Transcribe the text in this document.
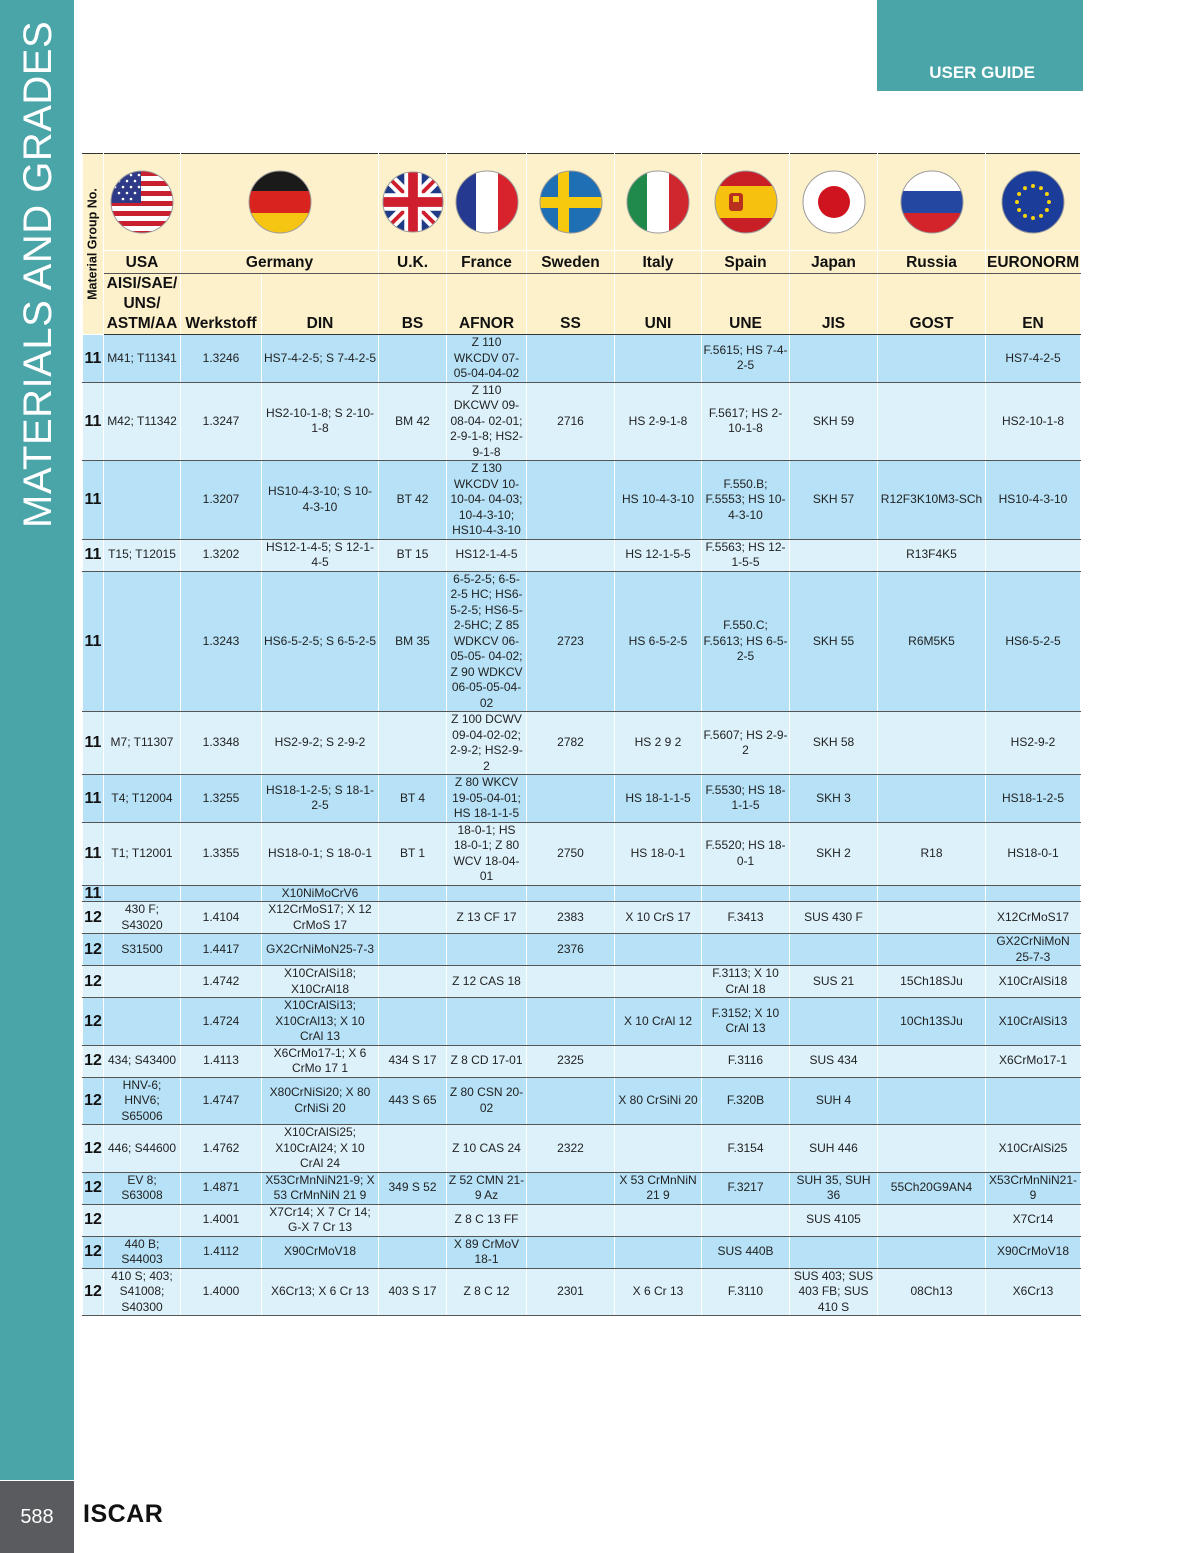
MATERIALS AND GRADES
588	ISCAR
USER GUIDE
Material Group No.

	USA	Germany		U.K.	France	Sweden	Italy	Spain	Japan	Russia	EURONORM
	AISI/SAE/ UNS/ ASTM/AA	Werkstoff	DIN	BS	AFNOR	SS	UNI	UNE	JIS	GOST	EN
11	M41; T11341	1.3246	HS7-4-2-5; S 7-4-2-5		Z 110 WKCDV 07-05-04-04-02			F.5615; HS 7-4-2-5			HS7-4-2-5
11	M42; T11342	1.3247	HS2-10-1-8; S 2-10-1-8	BM 42	Z 110 DKCWV 09-08-04- 02-01; 2-9-1-8; HS2-9-1-8	2716	HS 2-9-1-8	F.5617; HS 2-10-1-8	SKH 59		HS2-10-1-8
11		1.3207	HS10-4-3-10; S 10-4-3-10	BT 42	Z 130 WKCDV 10-10-04- 04-03; 10-4-3-10; HS10-4-3-10		HS 10-4-3-10	F.550.B; F.5553; HS 10-4-3-10	SKH 57	R12F3K10M3-SCh	HS10-4-3-10
11	T15; T12015	1.3202	HS12-1-4-5; S 12-1-4-5	BT 15	HS12-1-4-5		HS 12-1-5-5	F.5563; HS 12-1-5-5		R13F4K5	
11		1.3243	HS6-5-2-5; S 6-5-2-5	BM 35	6-5-2-5; 6-5-2-5 HC; HS6-5-2-5; HS6-5-2-5HC; Z 85 WDKCV 06-05-05- 04-02; Z 90 WDKCV 06-05-05-04-02	2723	HS 6-5-2-5	F.550.C; F.5613; HS 6-5-2-5	SKH 55	R6M5K5	HS6-5-2-5
11	M7; T11307	1.3348	HS2-9-2; S 2-9-2		Z 100 DCWV 09-04-02-02; 2-9-2; HS2-9-2	2782	HS 2 9 2	F.5607; HS 2-9-2	SKH 58		HS2-9-2
11	T4; T12004	1.3255	HS18-1-2-5; S 18-1-2-5	BT 4	Z 80 WKCV 19-05-04-01; HS 18-1-1-5		HS 18-1-1-5	F.5530; HS 18-1-1-5	SKH 3		HS18-1-2-5
11	T1; T12001	1.3355	HS18-0-1; S 18-0-1	BT 1	18-0-1; HS 18-0-1; Z 80 WCV 18-04-01	2750	HS 18-0-1	F.5520; HS 18-0-1	SKH 2	R18	HS18-0-1
11			X10NiMoCrV6								
12	430 F; S43020	1.4104	X12CrMoS17; X 12 CrMoS 17		Z 13 CF 17	2383	X 10 CrS 17	F.3413	SUS 430 F		X12CrMoS17
12	S31500	1.4417	GX2CrNiMoN25-7-3			2376					GX2CrNiMoN 25-7-3
12		1.4742	X10CrAlSi18; X10CrAl18		Z 12 CAS 18			F.3113; X 10 CrAl 18	SUS 21	15Ch18SJu	X10CrAlSi18
12		1.4724	X10CrAlSi13; X10CrAl13; X 10 CrAl 13				X 10 CrAl 12	F.3152; X 10 CrAl 13		10Ch13SJu	X10CrAlSi13
12	434; S43400	1.4113	X6CrMo17-1; X 6 CrMo 17 1	434 S 17	Z 8 CD 17-01	2325		F.3116	SUS 434		X6CrMo17-1
12	HNV-6; HNV6; S65006	1.4747	X80CrNiSi20; X 80 CrNiSi 20	443 S 65	Z 80 CSN 20-02		X 80 CrSiNi 20	F.320B	SUH 4		
12	446; S44600	1.4762	X10CrAlSi25; X10CrAl24; X 10 CrAl 24		Z 10 CAS 24	2322		F.3154	SUH 446		X10CrAlSi25
12	EV 8; S63008	1.4871	X53CrMnNiN21-9; X 53 CrMnNiN 21 9	349 S 52	Z 52 CMN 21-9 Az		X 53 CrMnNiN 21 9	F.3217	SUH 35, SUH 36	55Ch20G9AN4	X53CrMnNiN21-9
12		1.4001	X7Cr14; X 7 Cr 14; G-X 7 Cr 13		Z 8 C 13 FF				SUS 4105		X7Cr14
12	440 B; S44003	1.4112	X90CrMoV18		X 89 CrMoV 18-1			SUS 440B			X90CrMoV18
12	410 S; 403; S41008; S40300	1.4000	X6Cr13; X 6 Cr 13	403 S 17	Z 8 C 12	2301	X 6 Cr 13	F.3110	SUS 403; SUS 403 FB; SUS 410 S	08Ch13	X6Cr13
